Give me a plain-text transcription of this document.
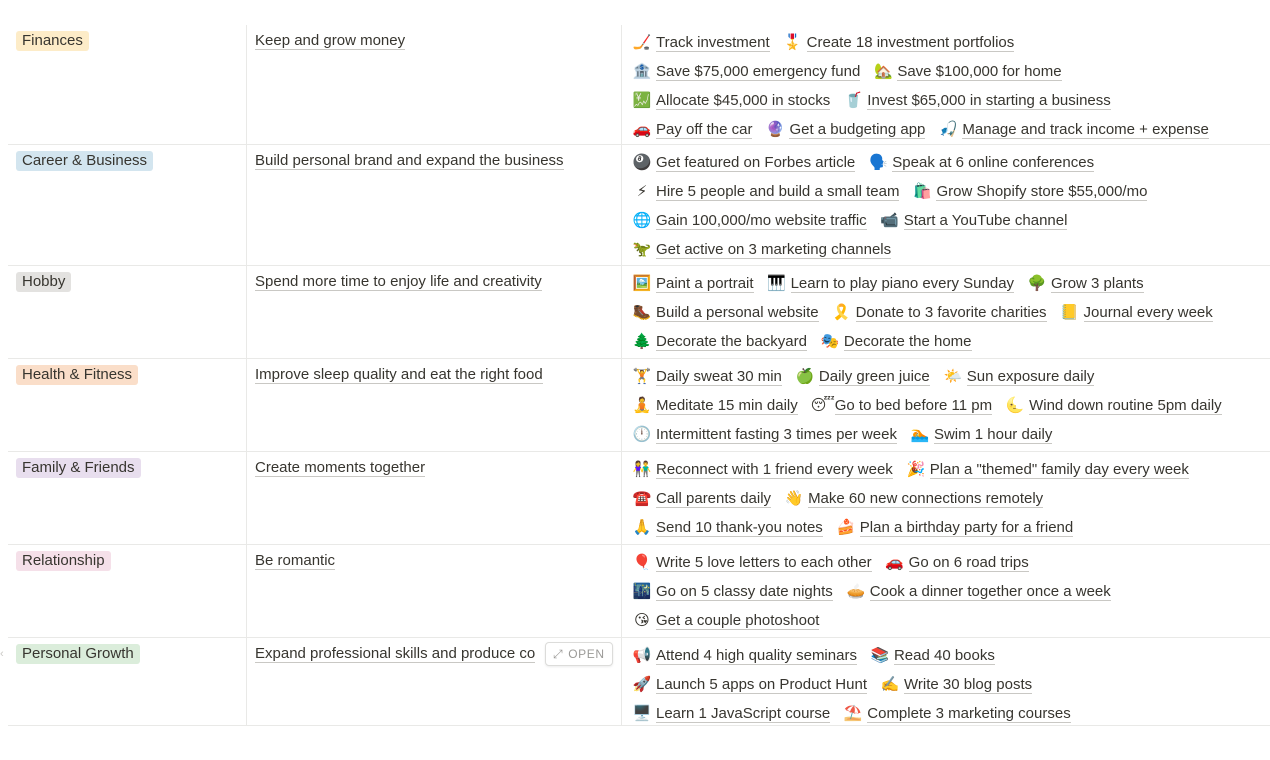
Finances	Keep and grow money	🏒 Track investment 🎖️ Create 18 investment portfolios
🏦 Save $75,000 emergency fund 🏡 Save $100,000 for home
💹 Allocate $45,000 in stocks 🥤 Invest $65,000 in starting a business
🚗 Pay off the car 🔮 Get a budgeting app 🎣 Manage and track income + expense
Career & Business	Build personal brand and expand the business	🎱 Get featured on Forbes article 🗣️ Speak at 6 online conferences
⚡ Hire 5 people and build a small team 🛍️ Grow Shopify store $55,000/mo
🌐 Gain 100,000/mo website traffic 📹 Start a YouTube channel
🦖 Get active on 3 marketing channels
Hobby	Spend more time to enjoy life and creativity	🖼️ Paint a portrait 🎹 Learn to play piano every Sunday 🌳 Grow 3 plants
🥾 Build a personal website 🎗️ Donate to 3 favorite charities 📒 Journal every week
🌲 Decorate the backyard 🎭 Decorate the home
Health & Fitness	Improve sleep quality and eat the right food	🏋️ Daily sweat 30 min 🍏 Daily green juice 🌤️ Sun exposure daily
🧘 Meditate 15 min daily 😴 Go to bed before 11 pm 🌜 Wind down routine 5pm daily
🕛 Intermittent fasting 3 times per week 🏊 Swim 1 hour daily
Family & Friends	Create moments together	👫 Reconnect with 1 friend every week 🎉 Plan a "themed" family day every week
☎️ Call parents daily 👋 Make 60 new connections remotely
🙏 Send 10 thank-you notes 🍰 Plan a birthday party for a friend
Relationship	Be romantic	🎈 Write 5 love letters to each other 🚗 Go on 6 road trips
🌃 Go on 5 classy date nights 🥧 Cook a dinner together once a week
😘 Get a couple photoshoot
Personal Growth	Expand professional skills and produce co ⤢ OPEN 📢 Attend 4 high quality seminars 📚 Read 40 books
🚀 Launch 5 apps on Product Hunt ✍️ Write 30 blog posts
🖥️ Learn 1 JavaScript course ⛱️ Complete 3 marketing courses
‹
